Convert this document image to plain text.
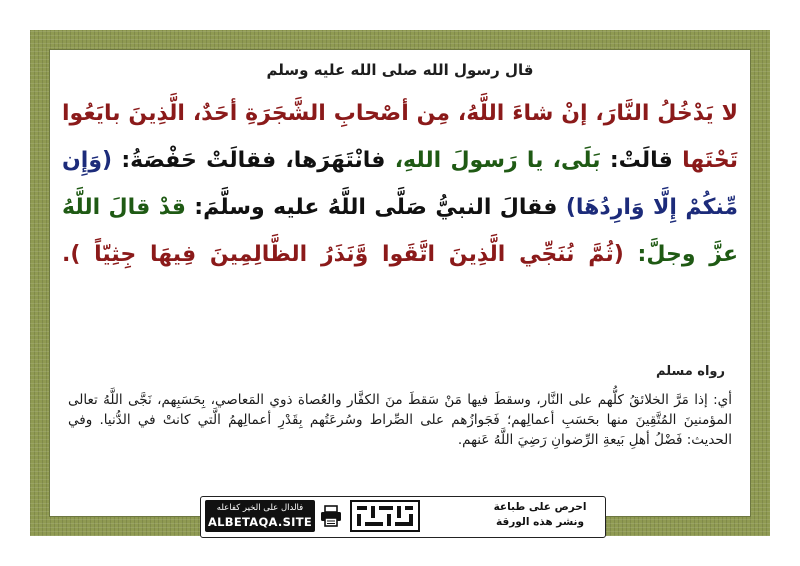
قال رسول الله صلى الله عليه وسلم
لا يَدْخُلُ النَّارَ، إنْ شاءَ اللَّهُ، مِن أصْحابِ الشَّجَرَةِ أحَدٌ، الَّذِينَ بايَعُوا تَحْتَها قالَتْ: بَلَى، يا رَسولَ اللهِ، فانْتَهَرَها، فقالَتْ حَفْصَةُ: (وَإِن مِّنكُمْ إِلَّا وَارِدُهَا) فقالَ النبيُّ صَلَّى اللَّهُ عليه وسلَّمَ: قدْ قالَ اللَّهُ عزَّ وجلَّ: (ثُمَّ نُنَجِّي الَّذِينَ اتَّقَوا وَّنَذَرُ الظَّالِمِينَ فِيهَا جِثِيّاً ).
رواه مسلم
أي: إذا مَرَّ الخلائقُ كلُّهم على النَّار، وسقطَ فيها مَنْ سَقطَ منَ الكفَّار والعُصاة ذوي المَعاصي، بِحَسَبِهم، نَجَّى اللَّهُ تعالى المؤمنينَ المُتَّقِينَ منها بحَسَبِ أعمالِهم؛ فَجَوازُهم على الصِّراط وسُرعَتُهم بِقَدْرِ أعمالِهمُ الَّتي كانتْ في الدُّنيا. وفي الحديث: فَضْلُ أهلِ بَيعةِ الرِّضوانِ رَضِيَ اللَّهُ عَنهم.
احرص على طباعة ونشر هذه الورقة
فالدال على الخير كفاعله
ALBETAQA.SITE
